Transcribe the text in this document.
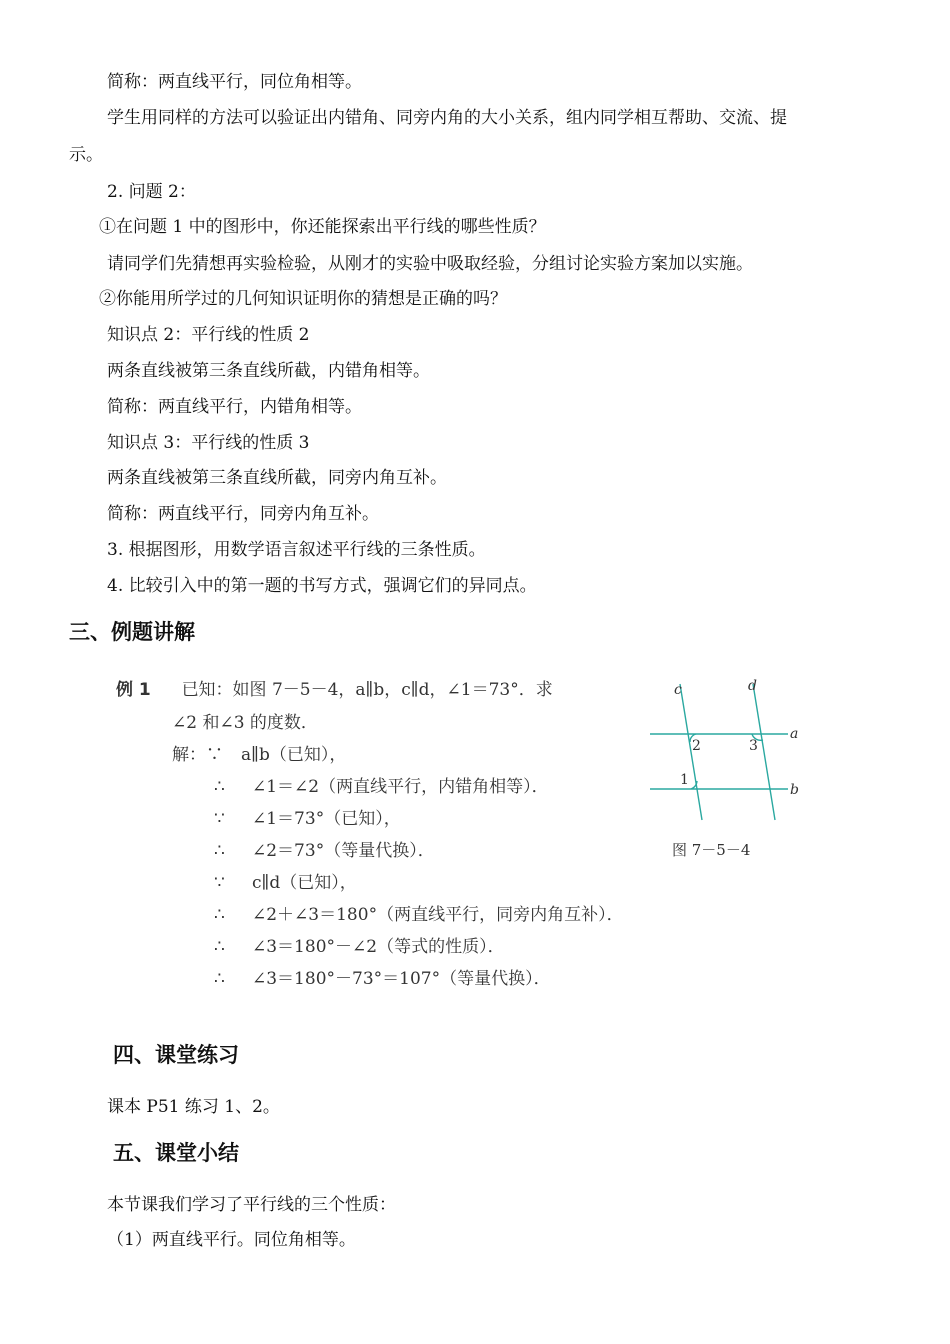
简称：两直线平行，同位角相等。
学生用同样的方法可以验证出内错角、同旁内角的大小关系，组内同学相互帮助、交流、提
示。
2. 问题 2：
①在问题 1 中的图形中，你还能探索出平行线的哪些性质？
请同学们先猜想再实验检验，从刚才的实验中吸取经验，分组讨论实验方案加以实施。
②你能用所学过的几何知识证明你的猜想是正确的吗？
知识点 2：平行线的性质 2
两条直线被第三条直线所截，内错角相等。
简称：两直线平行，内错角相等。
知识点 3：平行线的性质 3
两条直线被第三条直线所截，同旁内角互补。
简称：两直线平行，同旁内角互补。
3. 根据图形，用数学语言叙述平行线的三条性质。
4. 比较引入中的第一题的书写方式，强调它们的异同点。
三、例题讲解
例 1 已知：如图 7－5－4，a∥b，c∥d，∠1＝73°．求
∠2 和∠3 的度数．
解：∵ a∥b（已知），
∴ ∠1＝∠2（两直线平行，内错角相等）．
∵ ∠1＝73°（已知），
∴ ∠2＝73°（等量代换）．
∵ c∥d（已知），
∴ ∠2＋∠3＝180°（两直线平行，同旁内角互补）．
∴ ∠3＝180°－∠2（等式的性质）．
∴ ∠3＝180°－73°＝107°（等量代换）．
c	d
a
b
2	3
1
图 7－5－4
四、课堂练习
课本 P51 练习 1、2。
五、课堂小结
本节课我们学习了平行线的三个性质：
（1）两直线平行。同位角相等。
